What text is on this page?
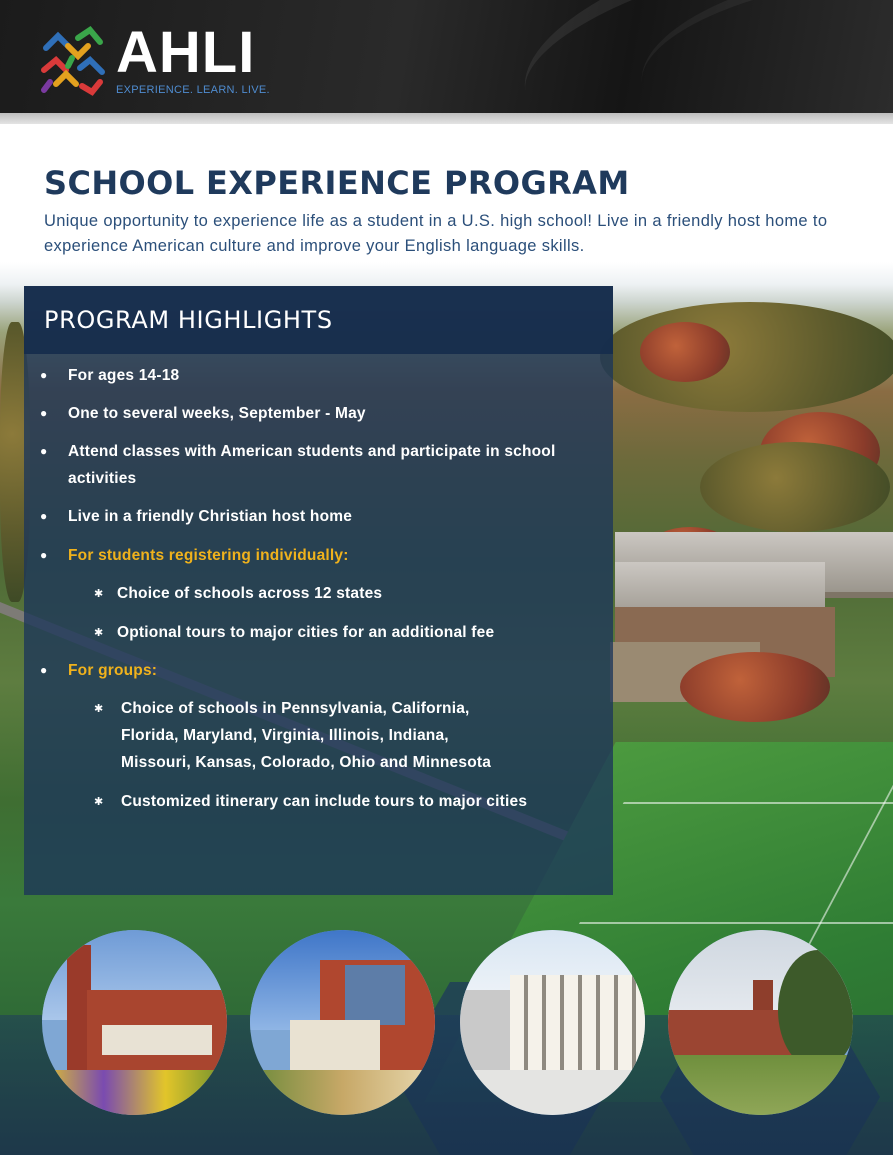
AHLI
EXPERIENCE. LEARN. LIVE.
SCHOOL EXPERIENCE PROGRAM
Unique opportunity to experience life as a student in a U.S. high school! Live in a friendly host home to experience American culture and improve your English language skills.
PROGRAM HIGHLIGHTS
● For ages 14-18
● One to several weeks, September - May
● Attend classes with American students and participate in school activities
● Live in a friendly Christian host home
● For students registering individually:
✱ Choice of schools across 12 states
✱ Optional tours to major cities for an additional fee
● For groups:
✱ Choice of schools in Pennsylvania, California, Florida, Maryland, Virginia, Illinois, Indiana, Missouri, Kansas, Colorado, Ohio and Minnesota
✱ Customized itinerary can include tours to major cities
